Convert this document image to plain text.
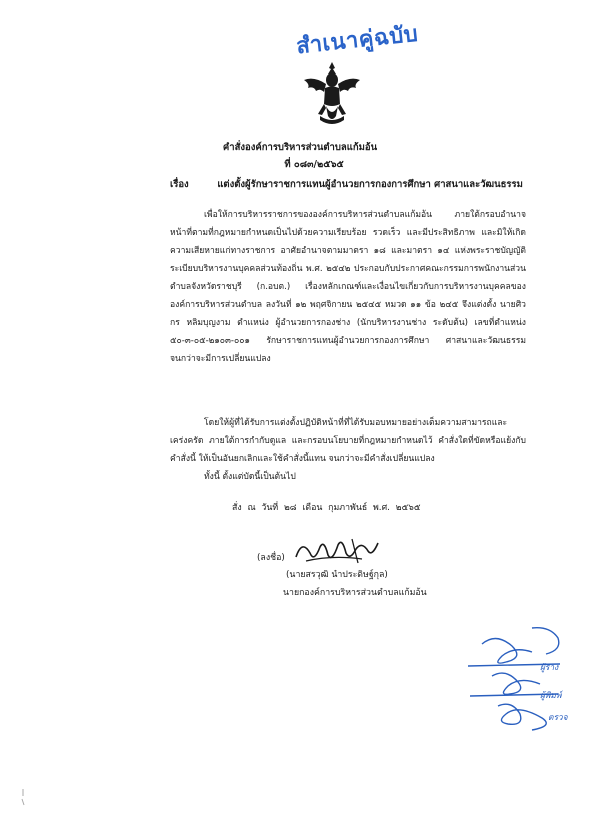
สำเนาคู่ฉบับ
คำสั่งองค์การบริหารส่วนตำบลแก้มอ้น
ที่ ๐๘๓/๒๕๖๕
เรื่อง	แต่งตั้งผู้รักษาราชการแทนผู้อำนวยการกองการศึกษา ศาสนาและวัฒนธรรม
เพื่อให้การบริหารราชการขององค์การบริหารส่วนตำบลแก้มอ้น ภายใต้กรอบอำนาจหน้าที่ตามที่กฎหมายกำหนดเป็นไปด้วยความเรียบร้อย รวดเร็ว และมีประสิทธิภาพ และมิให้เกิดความเสียหายแก่ทางราชการ อาศัยอำนาจตามมาตรา ๑๘ และมาตรา ๑๔ แห่งพระราชบัญญัติระเบียบบริหารงานบุคคลส่วนท้องถิ่น พ.ศ. ๒๕๔๒ ประกอบกับประกาศคณะกรรมการพนักงานส่วนตำบลจังหวัดราชบุรี (ก.อบต.) เรื่องหลักเกณฑ์และเงื่อนไขเกี่ยวกับการบริหารงานบุคคลขององค์การบริหารส่วนตำบล ลงวันที่ ๑๒ พฤศจิกายน ๒๕๔๕ หมวด ๑๑ ข้อ ๒๔๕ จึงแต่งตั้ง นายศิวกร หลิมบุญงาม ตำแหน่ง ผู้อำนวยการกองช่าง (นักบริหารงานช่าง ระดับต้น) เลขที่ตำแหน่ง ๕๐-๓-๐๕-๒๑๐๓-๐๐๑ รักษาราชการแทนผู้อำนวยการกองการศึกษา ศาสนาและวัฒนธรรม จนกว่าจะมีการเปลี่ยนแปลง
โดยให้ผู้ที่ได้รับการแต่งตั้งปฏิบัติหน้าที่ที่ได้รับมอบหมายอย่างเต็มความสามารถและเคร่งครัด ภายใต้การกำกับดูแล และกรอบนโยบายที่กฎหมายกำหนดไว้ คำสั่งใดที่ขัดหรือแย้งกับคำสั่งนี้ ให้เป็นอันยกเลิกและใช้คำสั่งนี้แทน จนกว่าจะมีคำสั่งเปลี่ยนแปลง
ทั้งนี้ ตั้งแต่บัดนี้เป็นต้นไป
สั่ง ณ วันที่ ๒๘ เดือน กุมภาพันธ์ พ.ศ. ๒๕๖๕
(ลงชื่อ)
(นายสรวุฒิ นำประดิษฐ์กุล)
นายกองค์การบริหารส่วนตำบลแก้มอ้น
ผู้ร่าง
ผู้พิมพ์
ตรวจ
